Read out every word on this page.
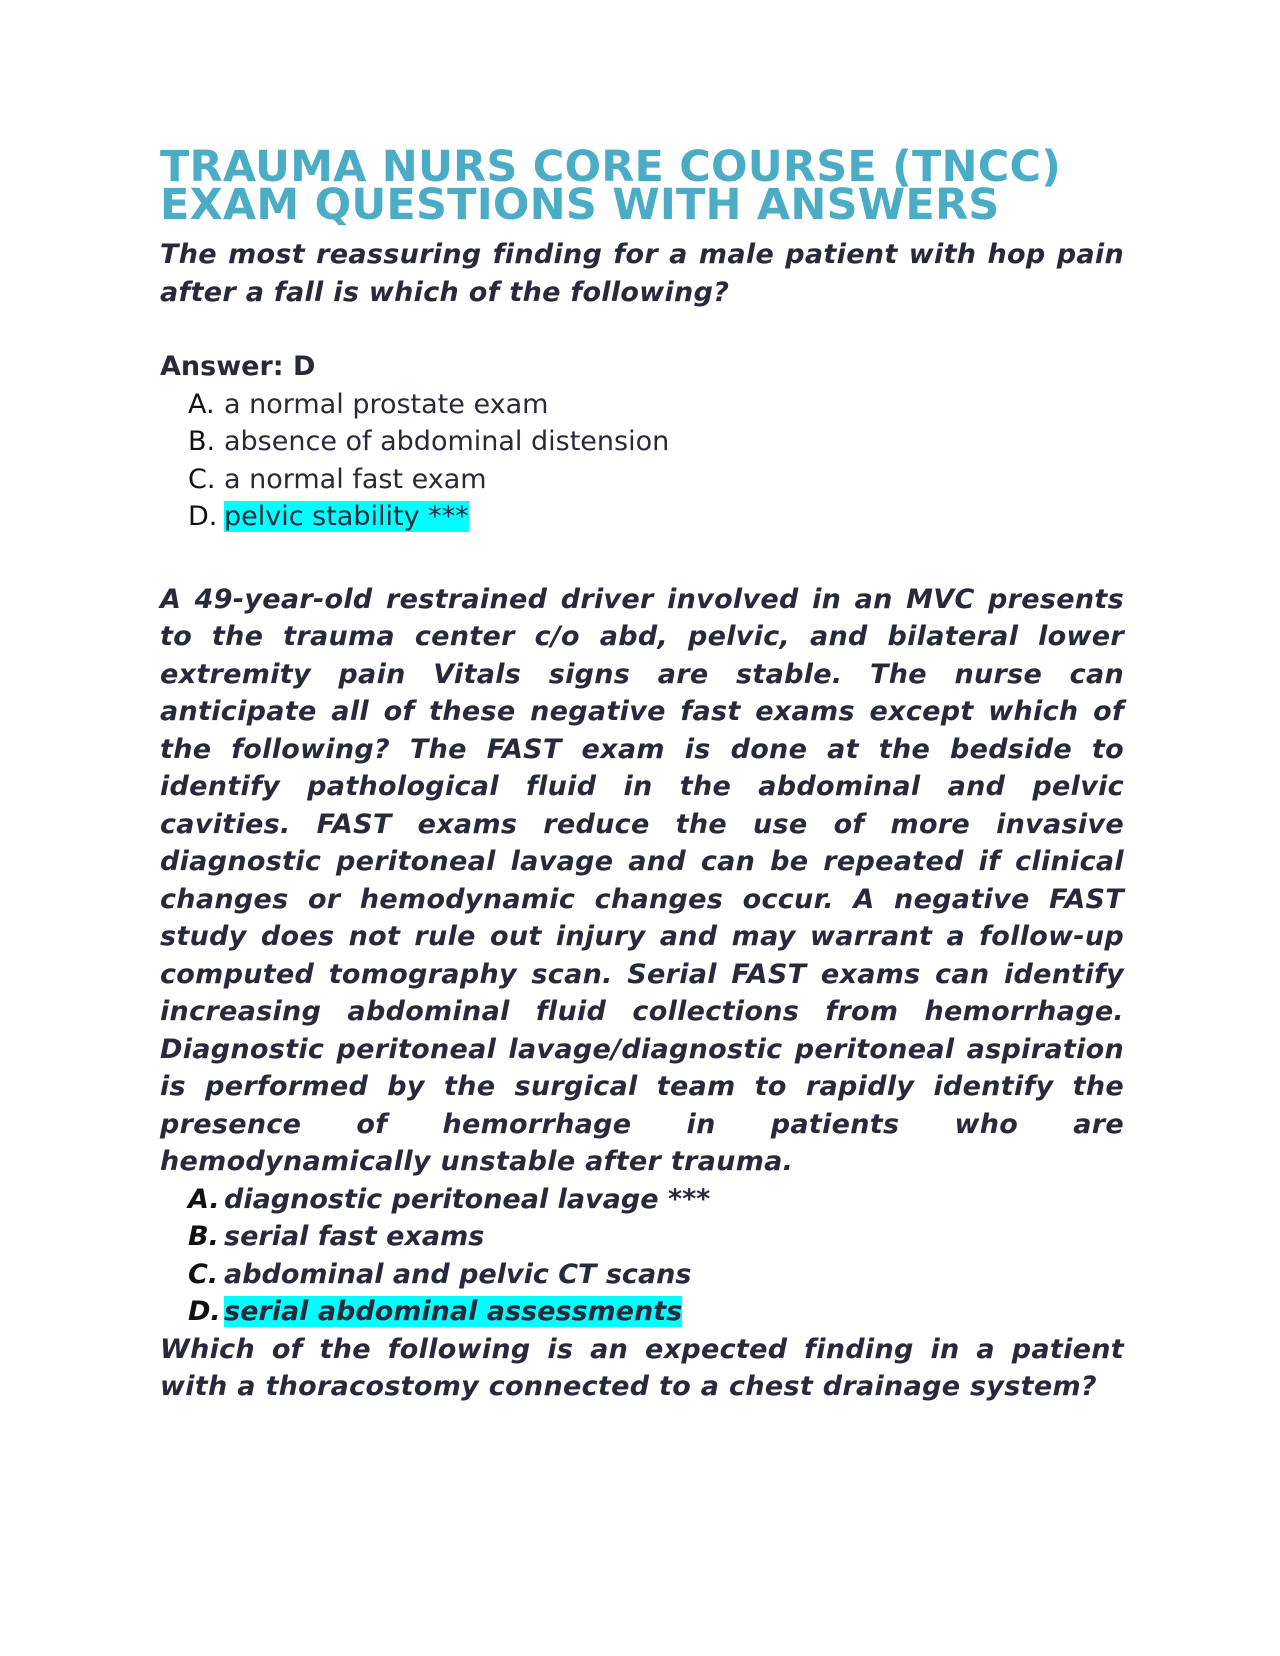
TRAUMA NURS CORE COURSE (TNCC)
EXAM QUESTIONS WITH ANSWERS

The most reassuring finding for a male patient with hop pain after a fall is which of the following?

Answer: D

A. a normal prostate exam
B. absence of abdominal distension
C. a normal fast exam
D. pelvic stability ***

A 49-year-old restrained driver involved in an MVC presents to the trauma center c/o abd, pelvic, and bilateral lower extremity pain Vitals signs are stable. The nurse can anticipate all of these negative fast exams except which of the following? The FAST exam is done at the bedside to identify pathological fluid in the abdominal and pelvic cavities. FAST exams reduce the use of more invasive diagnostic peritoneal lavage and can be repeated if clinical changes or hemodynamic changes occur. A negative FAST study does not rule out injury and may warrant a follow-up computed tomography scan. Serial FAST exams can identify increasing abdominal fluid collections from hemorrhage. Diagnostic peritoneal lavage/diagnostic peritoneal aspiration is performed by the surgical team to rapidly identify the presence of hemorrhage in patients who are hemodynamically unstable after trauma.

A. diagnostic peritoneal lavage ***
B. serial fast exams
C. abdominal and pelvic CT scans
D. serial abdominal assessments

Which of the following is an expected finding in a patient with a thoracostomy connected to a chest drainage system?
